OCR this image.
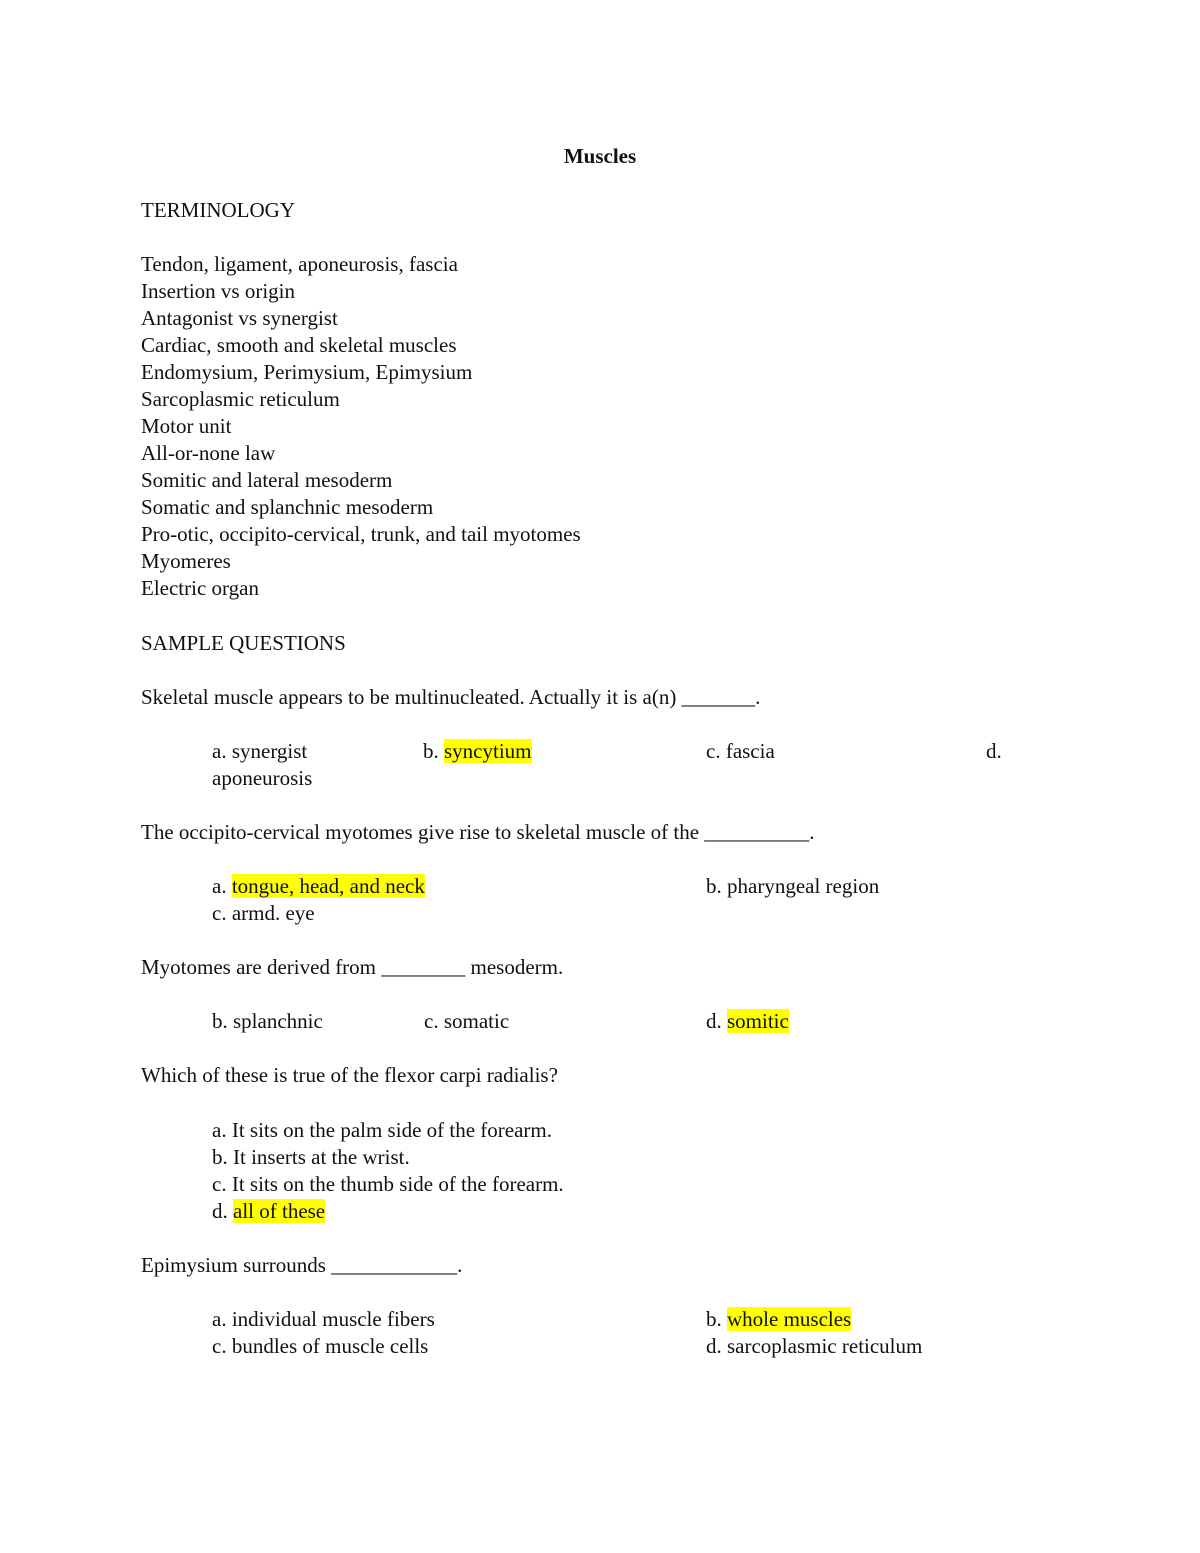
Muscles
TERMINOLOGY
Tendon, ligament, aponeurosis, fascia
Insertion vs origin
Antagonist vs synergist
Cardiac, smooth and skeletal muscles
Endomysium, Perimysium, Epimysium
Sarcoplasmic reticulum
Motor unit
All-or-none law
Somitic and lateral mesoderm
Somatic and splanchnic mesoderm
Pro-otic, occipito-cervical, trunk, and tail myotomes
Myomeres
Electric organ
SAMPLE QUESTIONS
Skeletal muscle appears to be multinucleated. Actually it is a(n) _______.
a. synergist	b. syncytium	c. fascia	d.
aponeurosis
The occipito-cervical myotomes give rise to skeletal muscle of the __________.
a. tongue, head, and neck	b. pharyngeal region
c. armd. eye
Myotomes are derived from ________ mesoderm.
b. splanchnic	c. somatic	d. somitic
Which of these is true of the flexor carpi radialis?
a. It sits on the palm side of the forearm.
b. It inserts at the wrist.
c. It sits on the thumb side of the forearm.
d. all of these
Epimysium surrounds ____________.
a. individual muscle fibers	b. whole muscles
c. bundles of muscle cells	d. sarcoplasmic reticulum
